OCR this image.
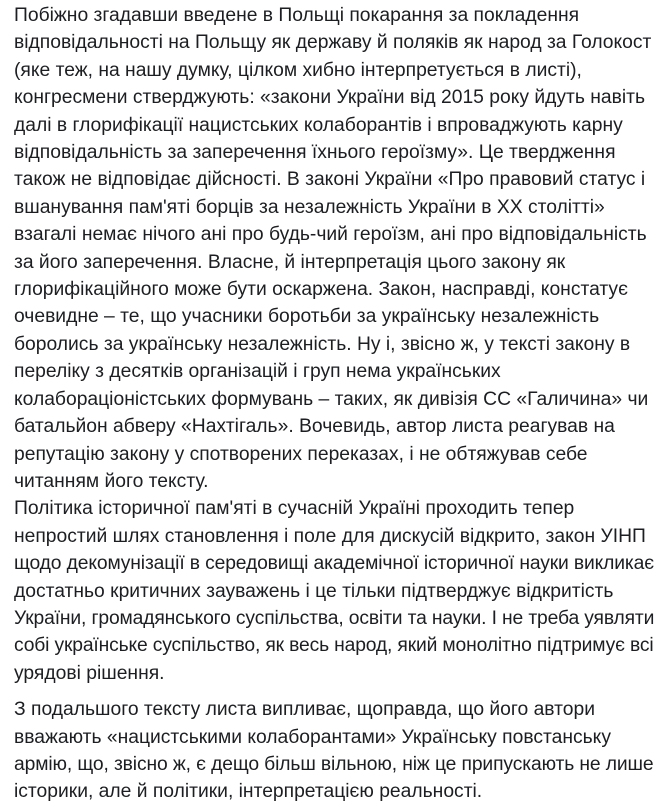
Побіжно згадавши введене в Польщі покарання за покладення
відповідальності на Польщу як державу й поляків як народ за Голокост
(яке теж, на нашу думку, цілком хибно інтерпретується в листі),
конгресмени стверджують: «закони України від 2015 року йдуть навіть
далі в глорифікації нацистських колаборантів і впроваджують карну
відповідальність за заперечення їхнього героїзму». Це твердження
також не відповідає дійсності. В законі України «Про правовий статус і
вшанування пам'яті борців за незалежність України в ХХ столітті»
взагалі немає нічого ані про будь-чий героїзм, ані про відповідальність
за його заперечення. Власне, й інтерпретація цього закону як
глорифікаційного може бути оскаржена. Закон, насправді, констатує
очевидне – те, що учасники боротьби за українську незалежність
боролись за українську незалежність. Ну і, звісно ж, у тексті закону в
переліку з десятків організацій і груп нема українських
колабораціоністських формувань – таких, як дивізія СС «Галичина» чи
батальйон абверу «Нахтігаль». Вочевидь, автор листа реагував на
репутацію закону у спотворених переказах, і не обтяжував себе
читанням його тексту.

Політика історичної пам'яті в сучасній Україні проходить тепер
непростий шлях становлення і поле для дискусій відкрито, закон УІНП
щодо декомунізації в середовищі академічної історичної науки викликає
достатньо критичних зауважень і це тільки підтверджує відкритість
України, громадянського суспільства, освіти та науки. І не треба уявляти
собі українське суспільство, як весь народ, який монолітно підтримує всі
урядові рішення.

З подальшого тексту листа випливає, щоправда, що його автори
вважають «нацистськими колаборантами» Українську повстанську
армію, що, звісно ж, є дещо більш вільною, ніж це припускають не лише
історики, але й політики, інтерпретацією реальності.
